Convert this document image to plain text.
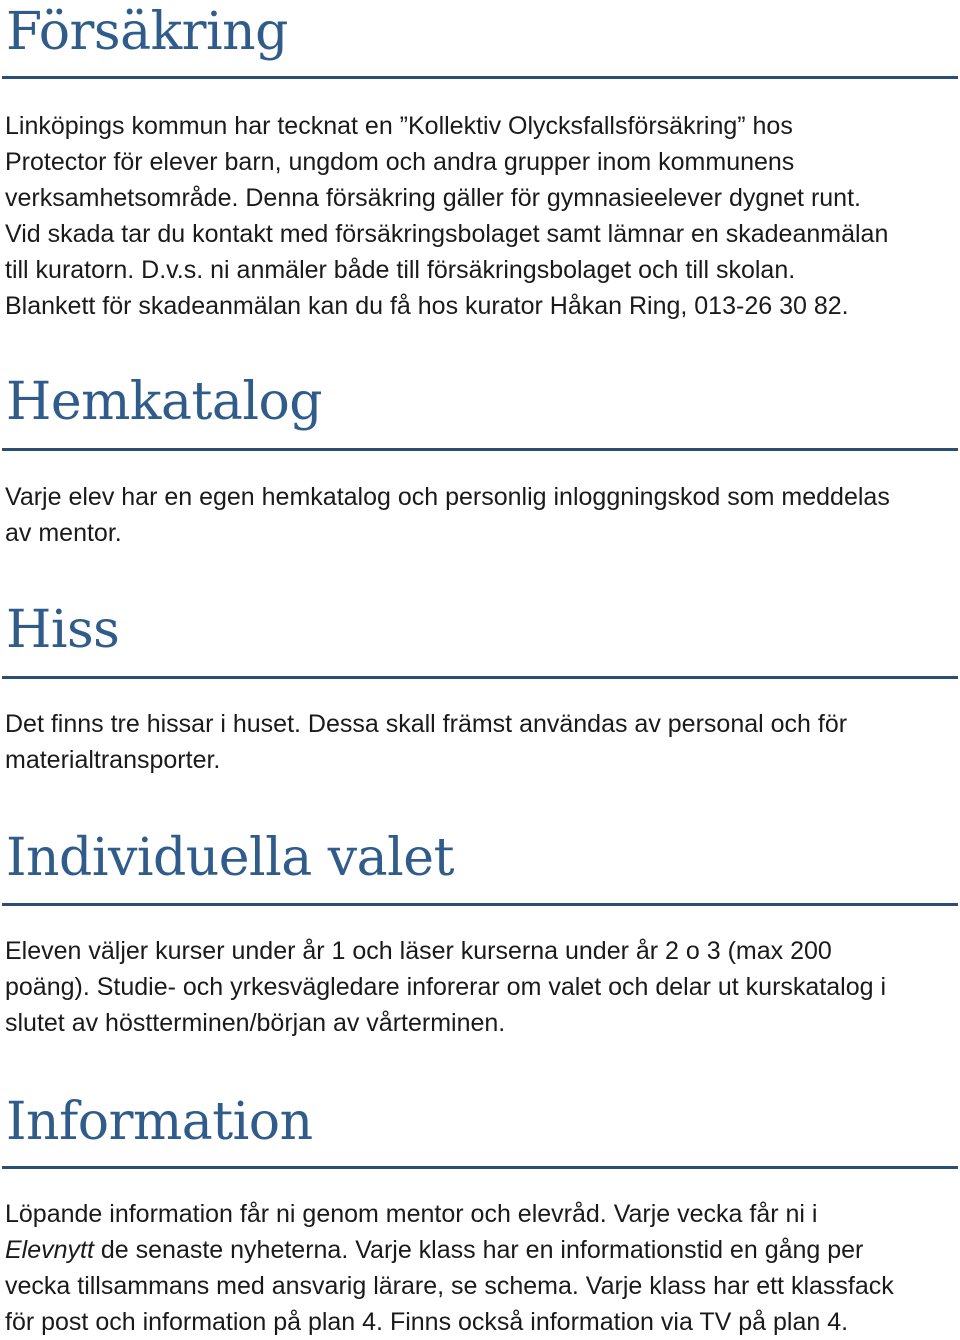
Försäkring

Linköpings kommun har tecknat en ”Kollektiv Olycksfallsförsäkring” hos
Protector för elever barn, ungdom och andra grupper inom kommunens
verksamhetsområde. Denna försäkring gäller för gymnasieelever dygnet runt.
Vid skada tar du kontakt med försäkringsbolaget samt lämnar en skadeanmälan
till kuratorn. D.v.s. ni anmäler både till försäkringsbolaget och till skolan.
Blankett för skadeanmälan kan du få hos kurator Håkan Ring, 013-26 30 82.

Hemkatalog

Varje elev har en egen hemkatalog och personlig inloggningskod som meddelas
av mentor.

Hiss

Det finns tre hissar i huset. Dessa skall främst användas av personal och för
materialtransporter.

Individuella valet

Eleven väljer kurser under år 1 och läser kurserna under år 2 o 3 (max 200
poäng). Studie- och yrkesvägledare inforerar om valet och delar ut kurskatalog i
slutet av höstterminen/början av vårterminen.

Information

Löpande information får ni genom mentor och elevråd. Varje vecka får ni i
Elevnytt de senaste nyheterna. Varje klass har en informationstid en gång per
vecka tillsammans med ansvarig lärare, se schema. Varje klass har ett klassfack
för post och information på plan 4. Finns också information via TV på plan 4.
